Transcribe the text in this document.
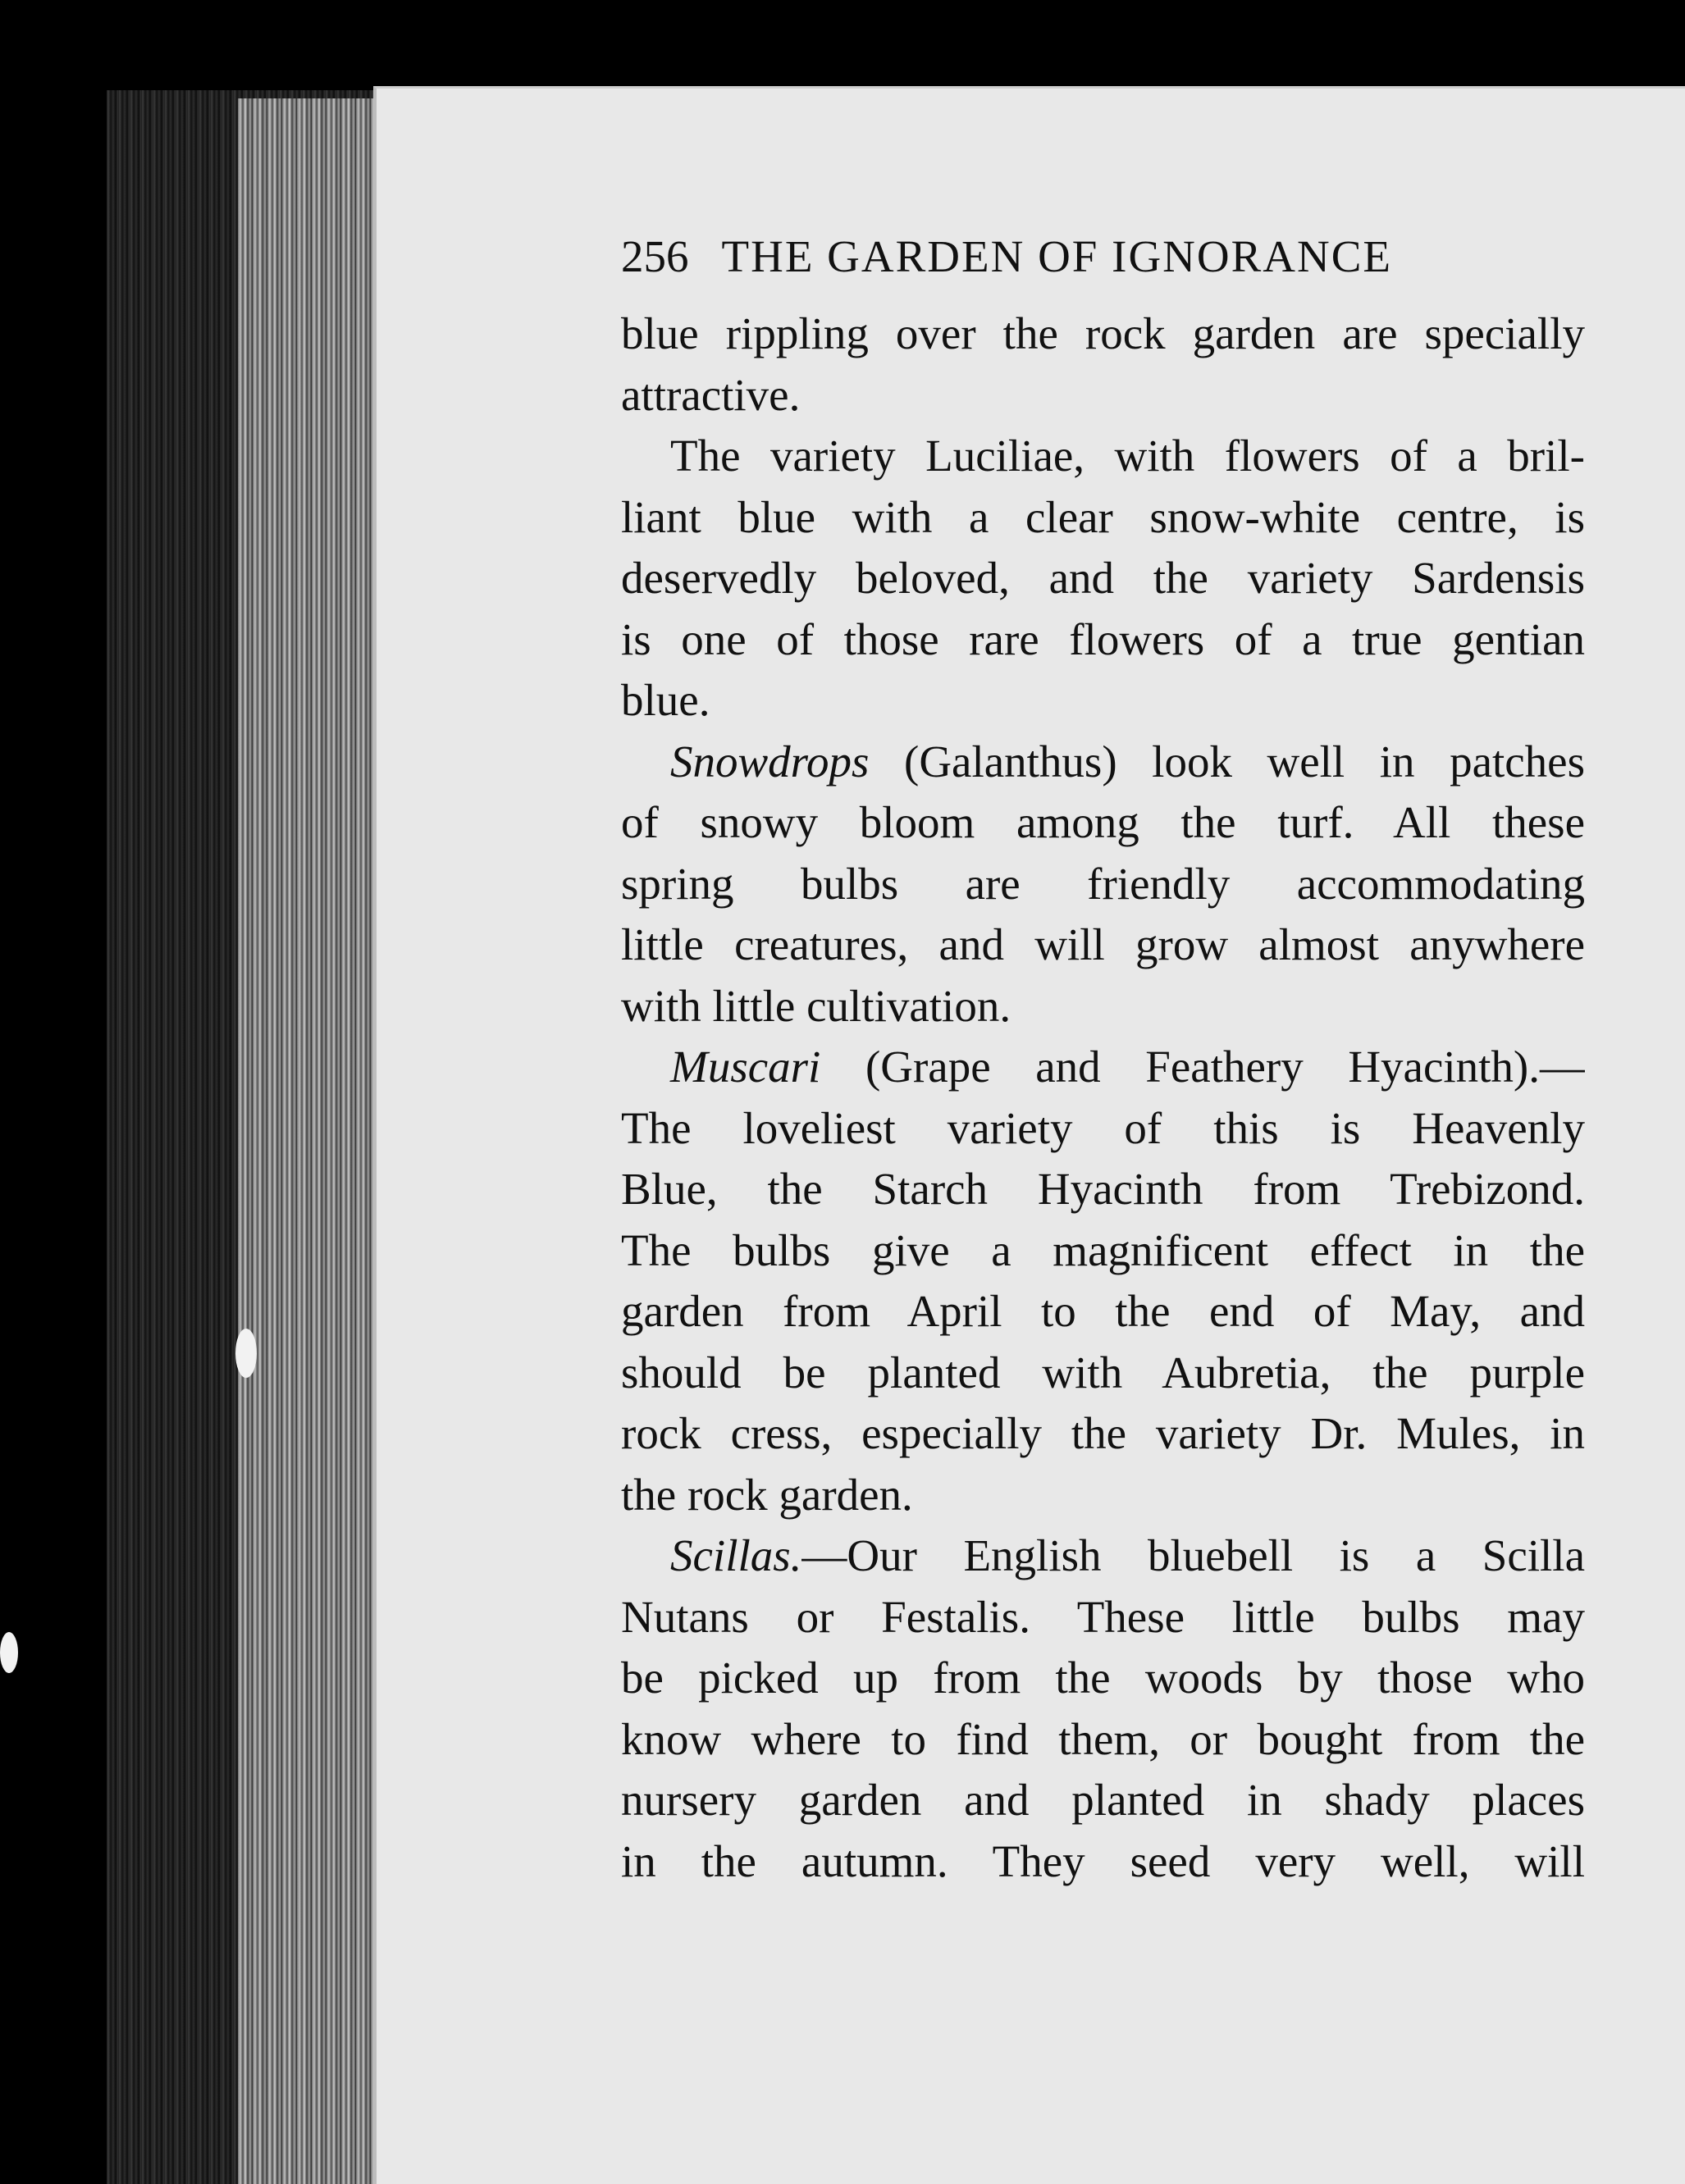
256 THE GARDEN OF IGNORANCE
blue rippling over the rock garden are specially
attractive.
The variety Luciliae, with flowers of a bril-
liant blue with a clear snow-white centre, is
deservedly beloved, and the variety Sardensis
is one of those rare flowers of a true gentian
blue.
Snowdrops (Galanthus) look well in patches
of snowy bloom among the turf. All these
spring bulbs are friendly accommodating
little creatures, and will grow almost anywhere
with little cultivation.
Muscari (Grape and Feathery Hyacinth).—
The loveliest variety of this is Heavenly
Blue, the Starch Hyacinth from Trebizond.
The bulbs give a magnificent effect in the
garden from April to the end of May, and
should be planted with Aubretia, the purple
rock cress, especially the variety Dr. Mules, in
the rock garden.
Scillas.—Our English bluebell is a Scilla
Nutans or Festalis. These little bulbs may
be picked up from the woods by those who
know where to find them, or bought from the
nursery garden and planted in shady places
in the autumn. They seed very well, will
